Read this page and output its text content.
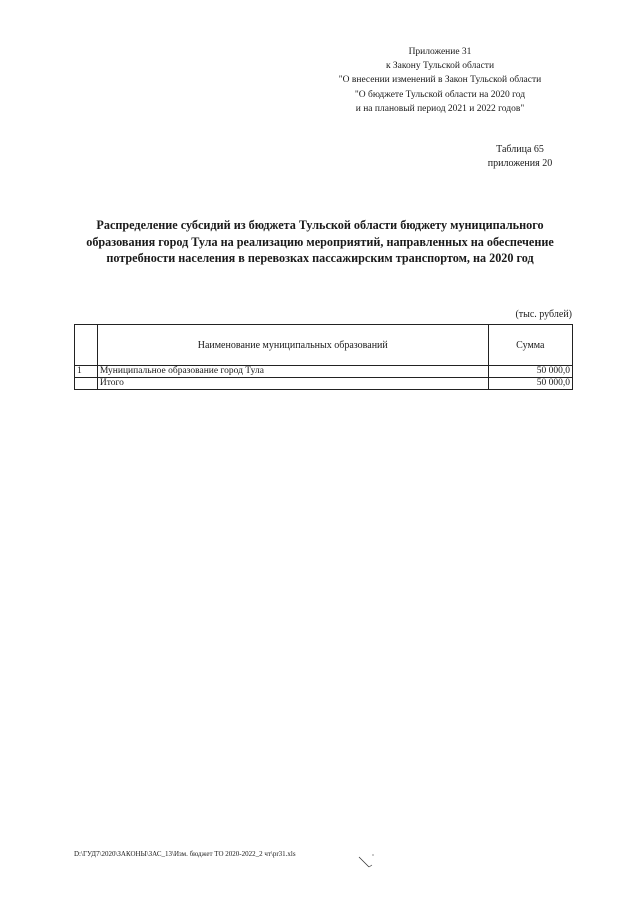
Приложение 31
к Закону Тульской области
"О внесении изменений в Закон Тульской области
"О бюджете Тульской области на 2020 год
и на плановый период 2021 и 2022 годов"
Таблица 65
приложения 20
Распределение субсидий из бюджета Тульской области бюджету муниципального
образования город Тула на реализацию мероприятий, направленных на обеспечение
потребности населения в перевозках пассажирским транспортом, на 2020 год
(тыс. рублей)
	Наименование муниципальных образований	Сумма
1	Муниципальное образование город Тула	50 000,0
	Итого	50 000,0
D:\ГУД7\2020\ЗАКОНЫ\ЗАС_13\Изм. бюджет ТО 2020-2022_2 чт\pr31.xls
